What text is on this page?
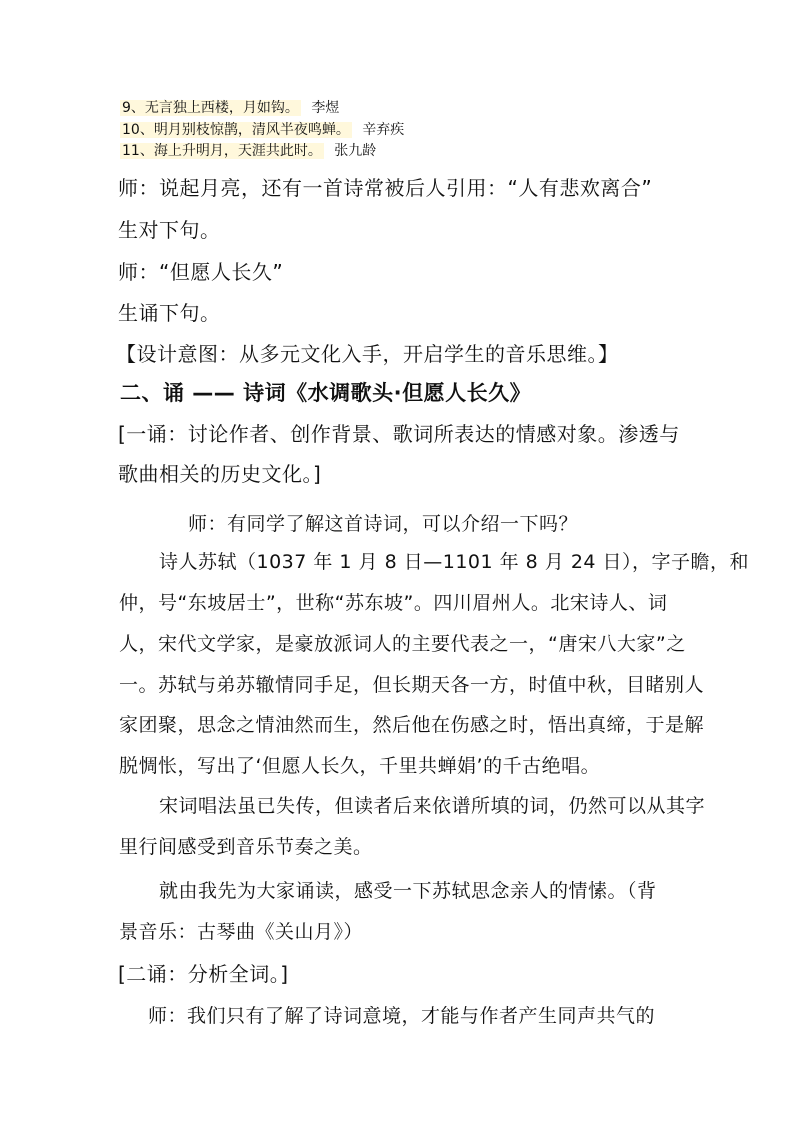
9、无言独上西楼，月如钩。 李煜
10、明月别枝惊鹊，清风半夜鸣蝉。 辛弃疾
11、海上升明月，天涯共此时。 张九龄
师：说起月亮，还有一首诗常被后人引用：“人有悲欢离合”
生对下句。
师：“但愿人长久”
生诵下句。
【设计意图：从多元文化入手，开启学生的音乐思维。】
二、诵 —— 诗词《水调歌头·但愿人长久》
[一诵：讨论作者、创作背景、歌词所表达的情感对象。渗透与
歌曲相关的历史文化。]
师：有同学了解这首诗词，可以介绍一下吗？
诗人苏轼（1037 年 1 月 8 日—1101 年 8 月 24 日），字子瞻，和
仲，号“东坡居士”，世称“苏东坡”。四川眉州人。北宋诗人、词
人，宋代文学家，是豪放派词人的主要代表之一，“唐宋八大家”之
一。苏轼与弟苏辙情同手足，但长期天各一方，时值中秋，目睹别人
家团聚，思念之情油然而生，然后他在伤感之时，悟出真缔，于是解
脱惆怅，写出了‘但愿人长久，千里共蝉娟’的千古绝唱。
宋词唱法虽已失传，但读者后来依谱所填的词，仍然可以从其字
里行间感受到音乐节奏之美。
就由我先为大家诵读，感受一下苏轼思念亲人的情愫。（背
景音乐：古琴曲《关山月》）
[二诵：分析全词。]
师：我们只有了解了诗词意境，才能与作者产生同声共气的
